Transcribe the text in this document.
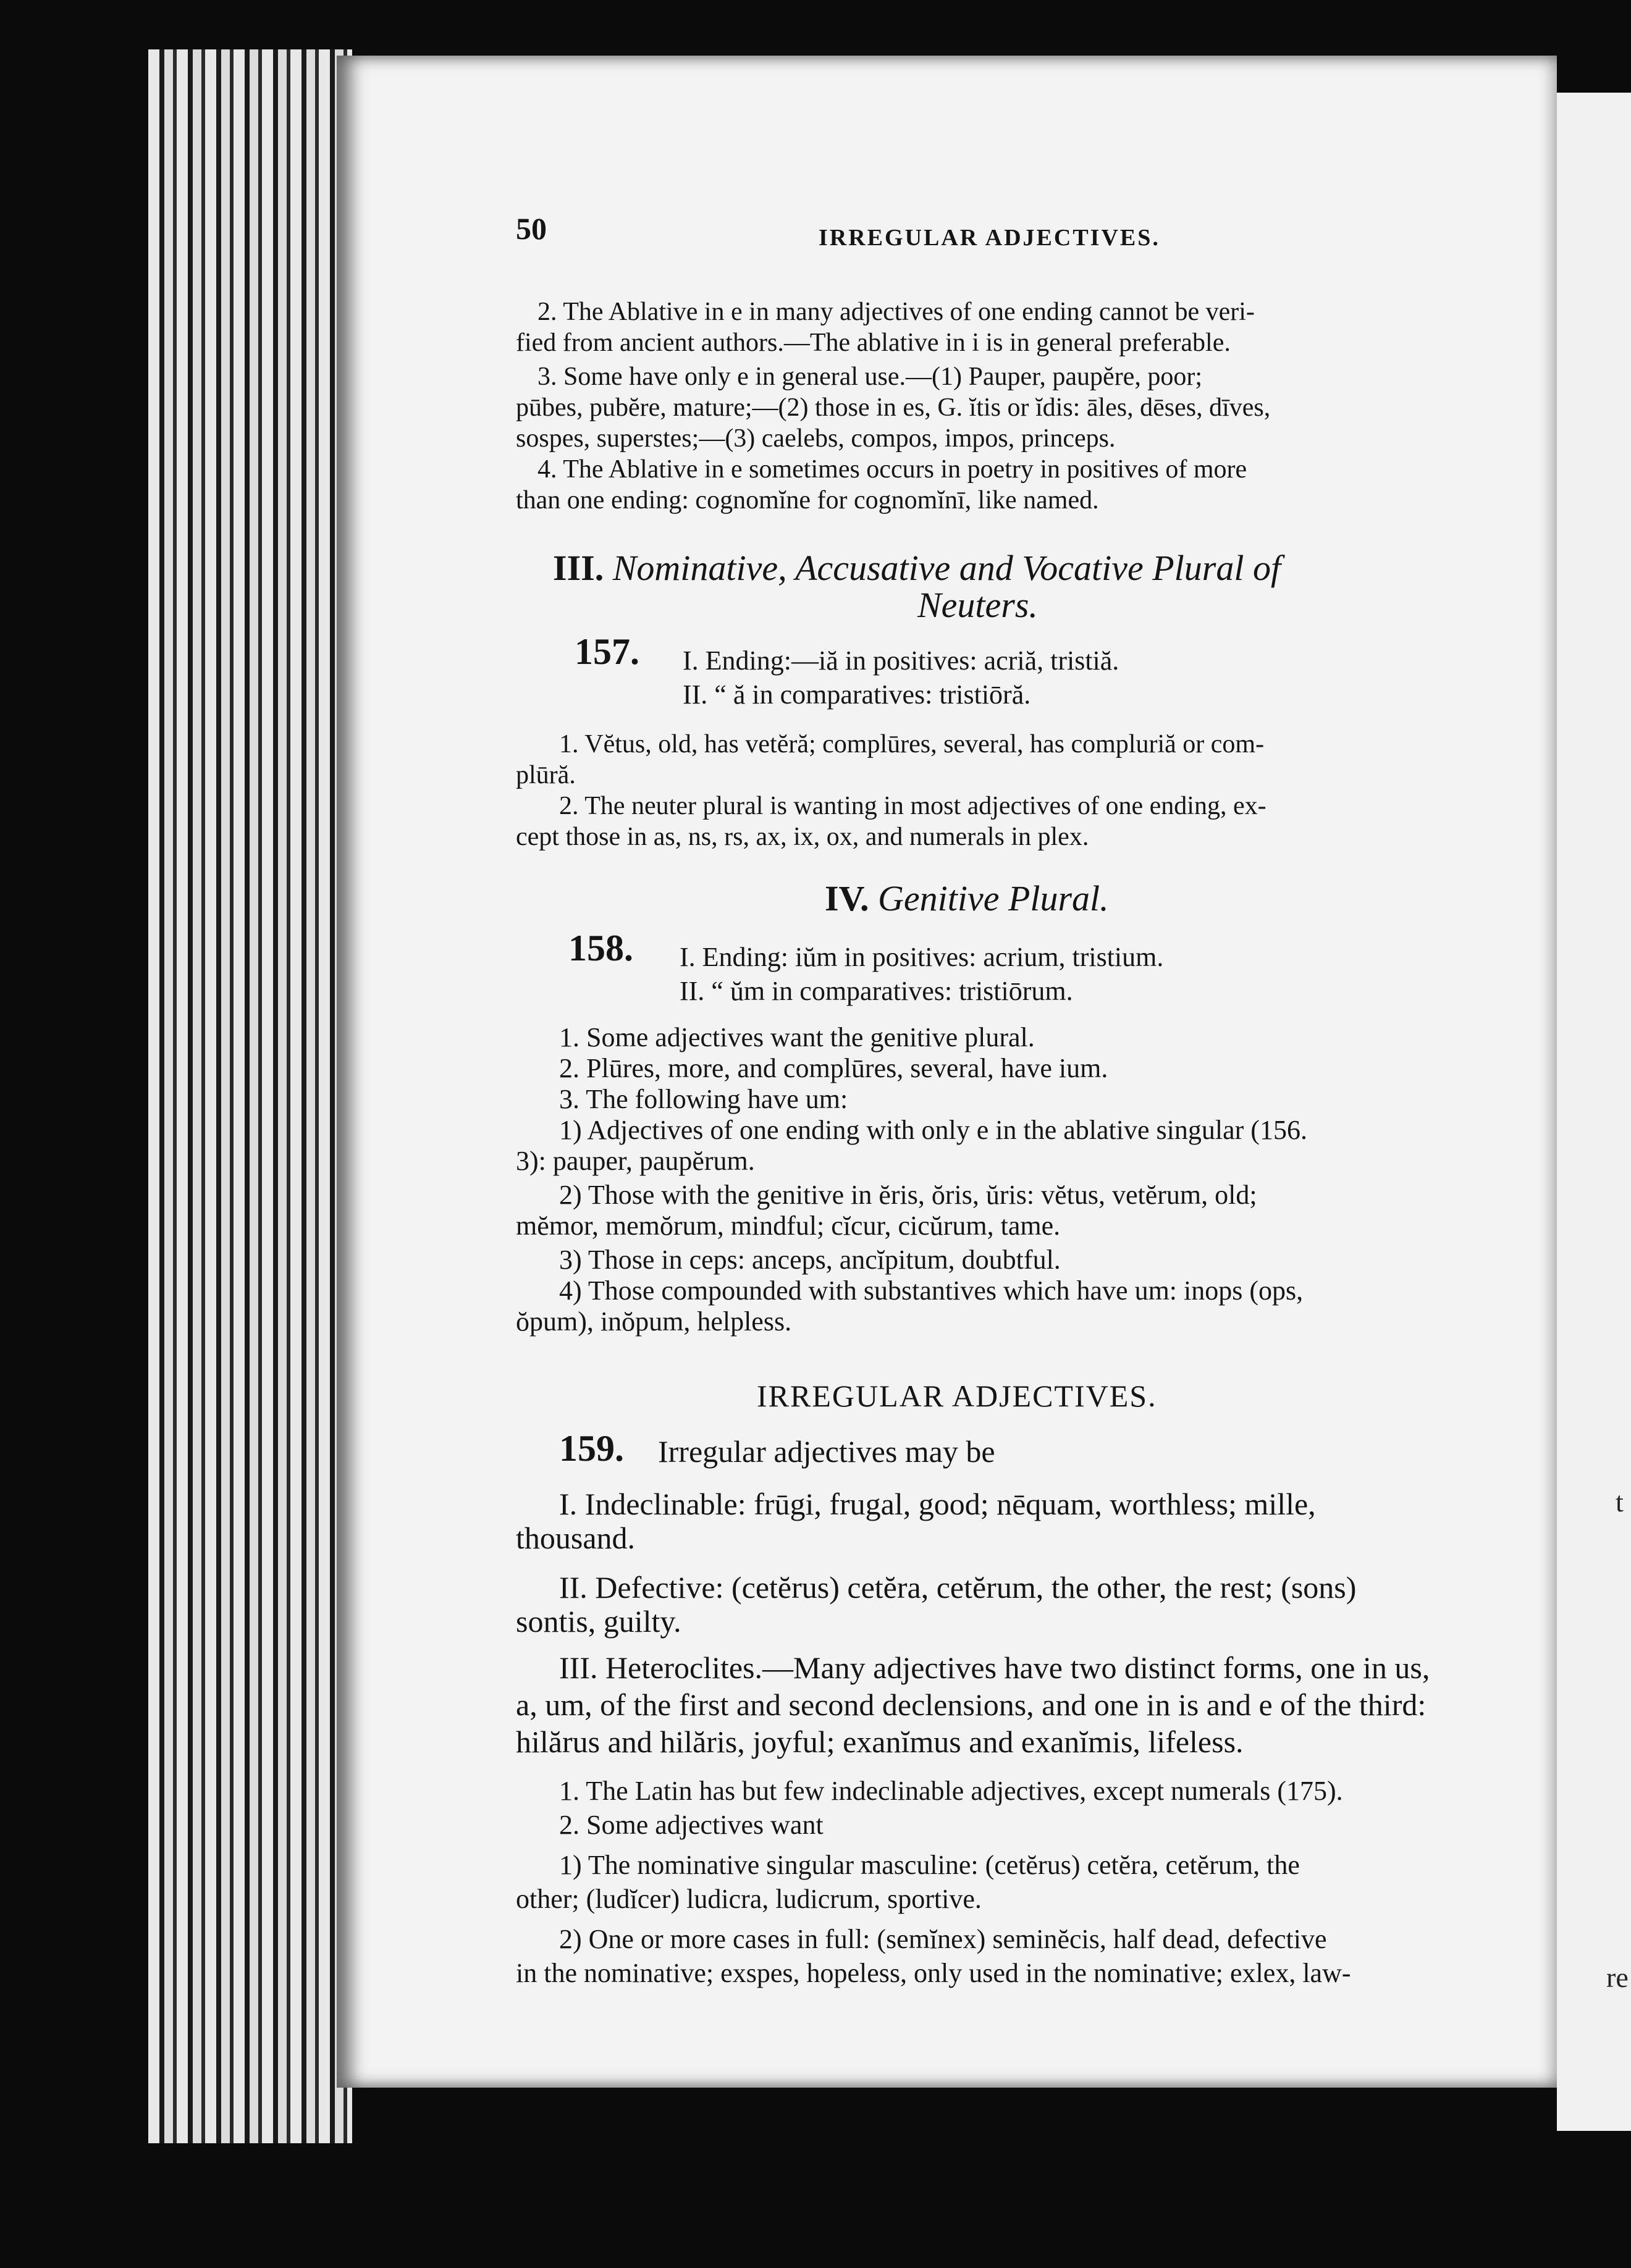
t
re
50	IRREGULAR ADJECTIVES.
2. The Ablative in e in many adjectives of one ending cannot be veri-
fied from ancient authors.—The ablative in i is in general preferable.
3. Some have only e in general use.—(1) Pauper, paupĕre, poor;
pūbes, pubĕre, mature;—(2) those in es, G. ĭtis or ĭdis: āles, dēses, dīves,
sospes, superstes;—(3) caelebs, compos, impos, princeps.
4. The Ablative in e sometimes occurs in poetry in positives of more
than one ending: cognomĭne for cognomĭnī, like named.
III. Nominative, Accusative and Vocative Plural of
Neuters.
157. I. Ending:—iă in positives: acriă, tristiă.
II. “ ă in comparatives: tristiōră.
1. Vĕtus, old, has vetĕră; complūres, several, has compluriă or com-
plūră.
2. The neuter plural is wanting in most adjectives of one ending, ex-
cept those in as, ns, rs, ax, ix, ox, and numerals in plex.
IV. Genitive Plural.
158. I. Ending: iŭm in positives: acrium, tristium.
II. “ ŭm in comparatives: tristiōrum.
1. Some adjectives want the genitive plural.
2. Plūres, more, and complūres, several, have ium.
3. The following have um:
1) Adjectives of one ending with only e in the ablative singular (156.
3): pauper, paupĕrum.
2) Those with the genitive in ĕris, ŏris, ŭris: vĕtus, vetĕrum, old;
mĕmor, memŏrum, mindful; cĭcur, cicŭrum, tame.
3) Those in ceps: anceps, ancĭpitum, doubtful.
4) Those compounded with substantives which have um: inops (ops,
ŏpum), inŏpum, helpless.
IRREGULAR ADJECTIVES.
159. Irregular adjectives may be
I. Indeclinable: frūgi, frugal, good; nēquam, worthless; mille,
thousand.
II. Defective: (cetĕrus) cetĕra, cetĕrum, the other, the rest; (sons)
sontis, guilty.
III. Heteroclites.—Many adjectives have two distinct forms, one in us,
a, um, of the first and second declensions, and one in is and e of the third:
hilărus and hilăris, joyful; exanĭmus and exanĭmis, lifeless.
1. The Latin has but few indeclinable adjectives, except numerals (175).
2. Some adjectives want
1) The nominative singular masculine: (cetĕrus) cetĕra, cetĕrum, the
other; (ludĭcer) ludicra, ludicrum, sportive.
2) One or more cases in full: (semĭnex) seminĕcis, half dead, defective
in the nominative; exspes, hopeless, only used in the nominative; exlex, law-
